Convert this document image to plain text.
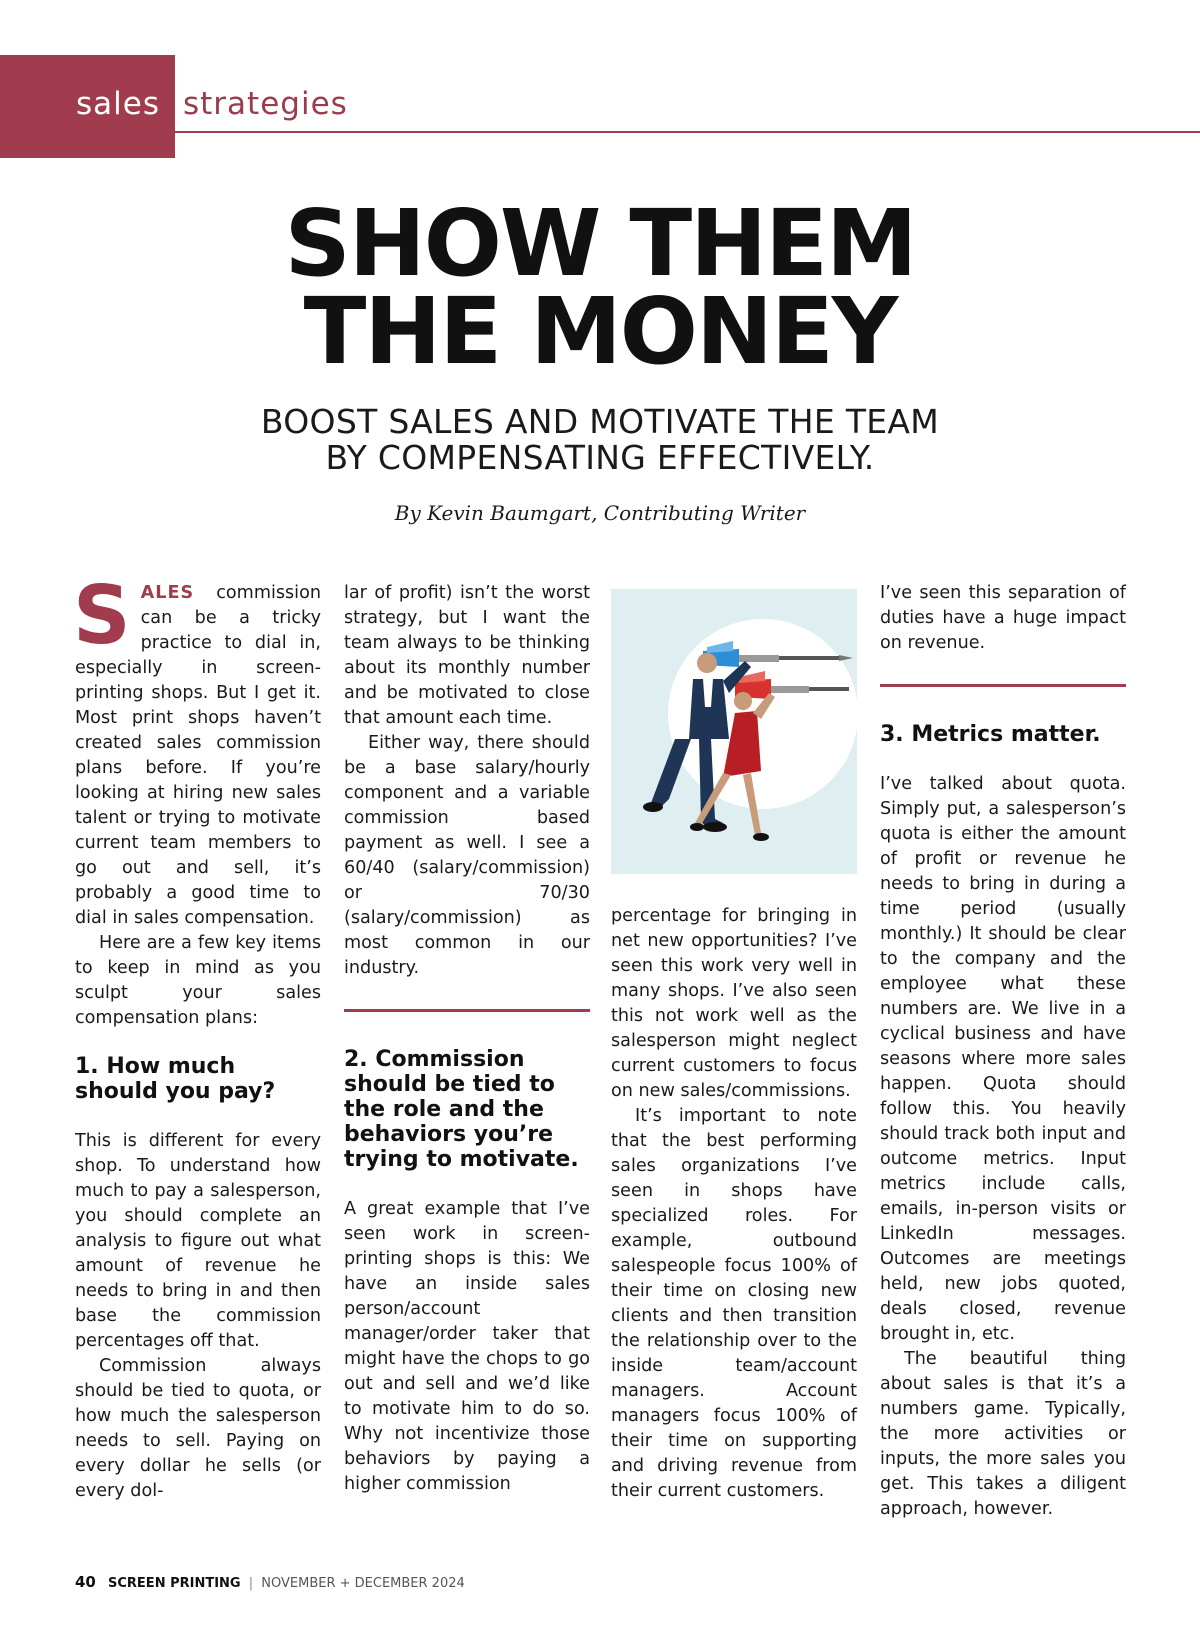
sales strategies
SHOW THEM
THE MONEY
BOOST SALES AND MOTIVATE THE TEAM
BY COMPENSATING EFFECTIVELY.
By Kevin Baumgart, Contributing Writer

SALES commission can be a tricky practice to dial in, especially in screen-printing shops. But I get it. Most print shops haven’t created sales commission plans before. If you’re looking at hiring new sales talent or trying to motivate current team members to go out and sell, it’s probably a good time to dial in sales compensation.

Here are a few key items to keep in mind as you sculpt your sales compensation plans:

1. How much should you pay?

This is different for every shop. To understand how much to pay a salesperson, you should complete an analysis to figure out what amount of revenue he needs to bring in and then base the commission percentages off that.

Commission always should be tied to quota, or how much the salesperson needs to sell. Paying on every dollar he sells (or every dol-

lar of profit) isn’t the worst strategy, but I want the team always to be thinking about its monthly number and be motivated to close that amount each time.

Either way, there should be a base salary/hourly component and a variable commission based payment as well. I see a 60/40 (salary/commission) or 70/30 (salary/commission) as most common in our industry.

2. Commission should be tied to the role and the behaviors you’re trying to motivate.

A great example that I’ve seen work in screen-printing shops is this: We have an inside sales person/account manager/order taker that might have the chops to go out and sell and we’d like to motivate him to do so. Why not incentivize those behaviors by paying a higher commission

percentage for bringing in net new opportunities? I’ve seen this work very well in many shops. I’ve also seen this not work well as the salesperson might neglect current customers to focus on new sales/commissions.

It’s important to note that the best performing sales organizations I’ve seen in shops have specialized roles. For example, outbound salespeople focus 100% of their time on closing new clients and then transition the relationship over to the inside team/account managers. Account managers focus 100% of their time on supporting and driving revenue from their current customers.

I’ve seen this separation of duties have a huge impact on revenue.

3. Metrics matter.

I’ve talked about quota. Simply put, a salesperson’s quota is either the amount of profit or revenue he needs to bring in during a time period (usually monthly.) It should be clear to the company and the employee what these numbers are. We live in a cyclical business and have seasons where more sales happen. Quota should follow this. You heavily should track both input and outcome metrics. Input metrics include calls, emails, in-person visits or LinkedIn messages. Outcomes are meetings held, new jobs quoted, deals closed, revenue brought in, etc.

The beautiful thing about sales is that it’s a numbers game. Typically, the more activities or inputs, the more sales you get. This takes a diligent approach, however.

40 SCREEN PRINTING | NOVEMBER + DECEMBER 2024
